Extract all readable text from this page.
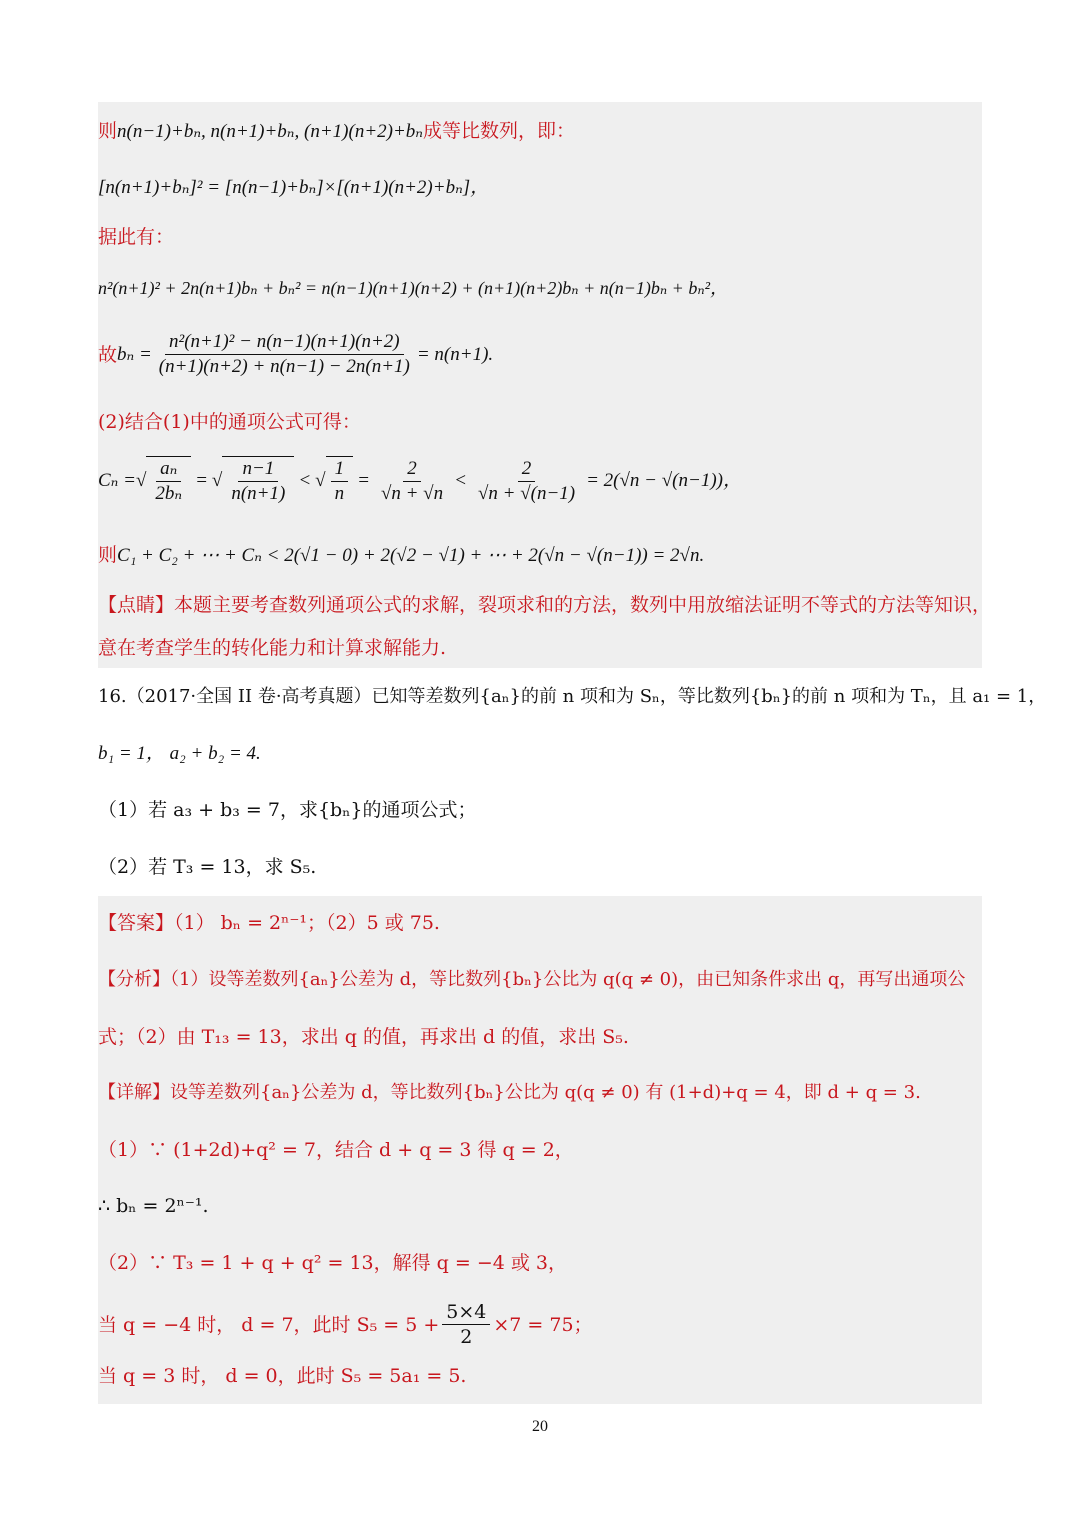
则n(n−1)+bₙ, n(n+1)+bₙ, (n+1)(n+2)+bₙ成等比数列，即：
[n(n+1)+bₙ]² = [n(n−1)+bₙ]×[(n+1)(n+2)+bₙ]，
据此有：
n²(n+1)² + 2n(n+1)bₙ + bₙ² = n(n−1)(n+1)(n+2) + (n+1)(n+2)bₙ + n(n−1)bₙ + bₙ²，
故 $b_n = \frac{\text{n²(n+1)² − n(n−1)(n+1)(n+2)}}{(n+1)(n+2) + n(n-1) - 2n(n+1)} = n(n+1)$.
(2)结合(1)中的通项公式可得：
Cₙ = √ $\frac{\text{aₙ}}{\text{2bₙ}}$ = √ $\frac{n-1}{n(n+1)}$ < √ $\frac{1}{n} = \frac{2}{√n + √n} < \frac{2}{√n + √(n-1)} = 2(√n - √(n-1))$，
则C₁ + C₂ + ⋯ + Cₙ < 2(√1 − 0) + 2(√2 − √1) + ⋯ + 2(√n − √(n−1)) = 2√n.
【点睛】本题主要考查数列通项公式的求解，裂项求和的方法，数列中用放缩法证明不等式的方法等知识，
意在考查学生的转化能力和计算求解能力.
16.（2017·全国 II 卷·高考真题）已知等差数列{aₙ}的前 n 项和为 Sₙ，等比数列{bₙ}的前 n 项和为 Tₙ，且 a₁ = 1，
b₁ = 1， a₂ + b₂ = 4.
（1）若 a₃ + b₃ = 7，求{bₙ}的通项公式；
（2）若 T₃ = 13，求 S₅.
【答案】（1） bₙ = 2ⁿ⁻¹；（2）5 或 75.
【分析】（1）设等差数列{aₙ}公差为 d，等比数列{bₙ}公比为 q(q ≠ 0)，由已知条件求出 q，再写出通项公
式；（2）由 T₁₃ = 13，求出 q 的值，再求出 d 的值，求出 S₅.
【详解】设等差数列{aₙ}公差为 d，等比数列{bₙ}公比为 q(q ≠ 0) 有 (1+d)+q = 4，即 d + q = 3.
（1）∵ (1+2d)+q² = 7，结合 d + q = 3 得 q = 2，
∴ bₙ = 2ⁿ⁻¹.
（2）∵ T₃ = 1 + q + q² = 13，解得 q = −4 或 3，
当 q = −4 时， d = 7，此时 $S_5 = 5 + \frac{5\times 4}{2} \times 7 = 75$；
当 q = 3 时， d = 0，此时 S₅ = 5a₁ = 5.
20
